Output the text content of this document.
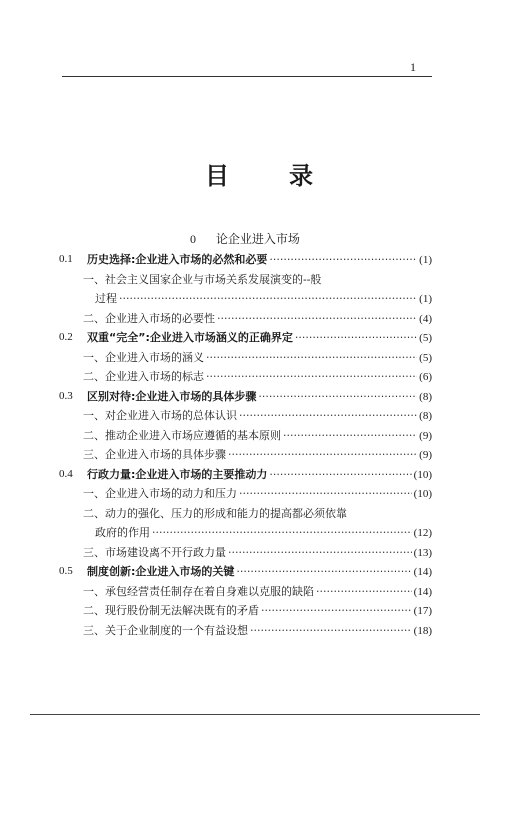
1
目 录
0 论企业进入市场
0.1 历史选择:企业进入市场的必然和必要 ·····	(1)
一、社会主义国家企业与市场关系发展演变的--般
过程 ·····	(1)
二、企业进入市场的必要性 ·····	(4)
0.2 双重“完全”:企业进入市场涵义的正确界定 ·····	(5)
一、企业进入市场的涵义 ·····	(5)
二、企业进入市场的标志 ·····	(6)
0.3 区别对待:企业进入市场的具体步骤 ·····	(8)
一、对企业进入市场的总体认识 ·····	(8)
二、推动企业进入市场应遵循的基本原则 ·····	(9)
三、企业进入市场的具体步骤 ·····	(9)
0.4 行政力量:企业进入市场的主要推动力 ·····	(10)
一、企业进入市场的动力和压力 ·····	(10)
二、动力的强化、压力的形成和能力的提高都必须依靠
政府的作用 ·····	(12)
三、市场建设离不开行政力量 ·····	(13)
0.5 制度创新:企业进入市场的关键 ·····	(14)
一、承包经营责任制存在着自身难以克服的缺陷 ·····	(14)
二、现行股份制无法解决既有的矛盾 ·····	(17)
三、关于企业制度的一个有益设想 ·····	(18)
